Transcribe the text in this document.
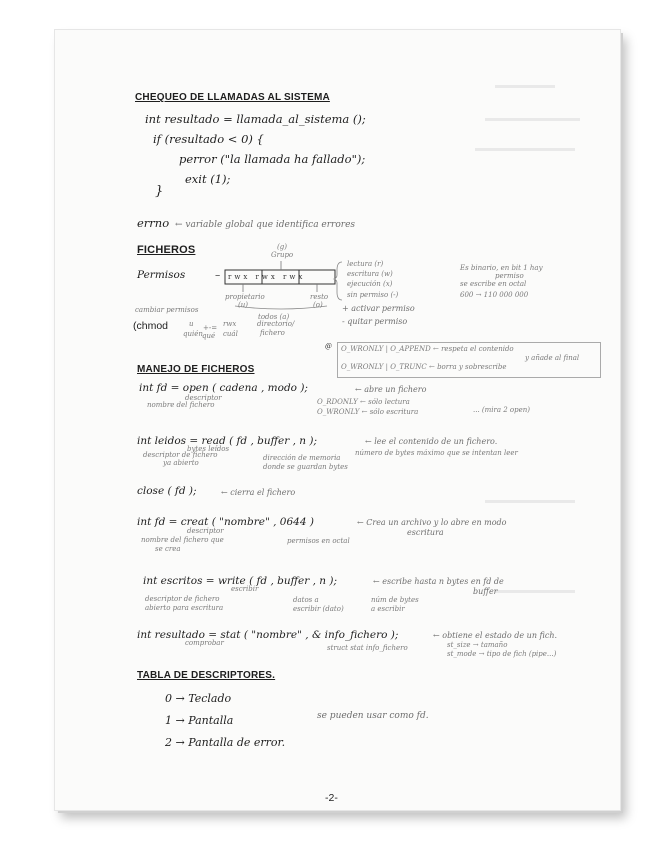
CHEQUEO DE LLAMADAS AL SISTEMA
int resultado = llamada_al_sistema ();
if (resultado < 0) {
perror ("la llamada ha fallado");
exit (1);
}
errno ← variable global que identifica errores
FICHEROS	(g)
Grupo
Permisos	– rwx rwx rwx
propietario
(u)
resto
(o)
todos (a)
lectura (r)
escritura (w)
ejecución (x)
sin permiso (-)
Es binario, en bit 1 hay
permiso
se escribe en octal
600 → 110 000 000
cambiar permisos
(chmod	u
quién
+-=
qué
rwx
cuál
directorio/
fichero
+ activar permiso
- quitar permiso
@ O_WRONLY | O_APPEND ← respeta el contenido
y añade al final
O_WRONLY | O_TRUNC ← borra y sobrescribe
MANEJO DE FICHEROS
int fd = open ( cadena , modo );	← abre un fichero
descriptor
nombre del fichero	O_RDONLY ← sólo lectura
O_WRONLY ← sólo escritura	... (mira 2 open)
int leidos = read ( fd , buffer , n );	← lee el contenido de un fichero.
bytes leídos
descriptor de fichero
ya abierto
dirección de memoria
donde se guardan bytes
número de bytes máximo que se intentan leer
close ( fd );	← cierra el fichero
int fd = creat ( "nombre" , 0644 )	← Crea un archivo y lo abre en modo
escritura
descriptor
nombre del fichero que
se crea
permisos en octal
int escritos = write ( fd , buffer , n );	← escribe hasta n bytes en fd de
buffer
escribir
descriptor de fichero
abierto para escritura
datos a
escribir (dato)
núm de bytes
a escribir
int resultado = stat ( "nombre" , & info_fichero );	← obtiene el estado de un fich.
comprobar
struct stat info_fichero	st_size → tamaño
st_mode → tipo de fich (pipe...)
TABLA DE DESCRIPTORES.
0 → Teclado
1 → Pantalla
2 → Pantalla de error.
se pueden usar como fd.
-2-
